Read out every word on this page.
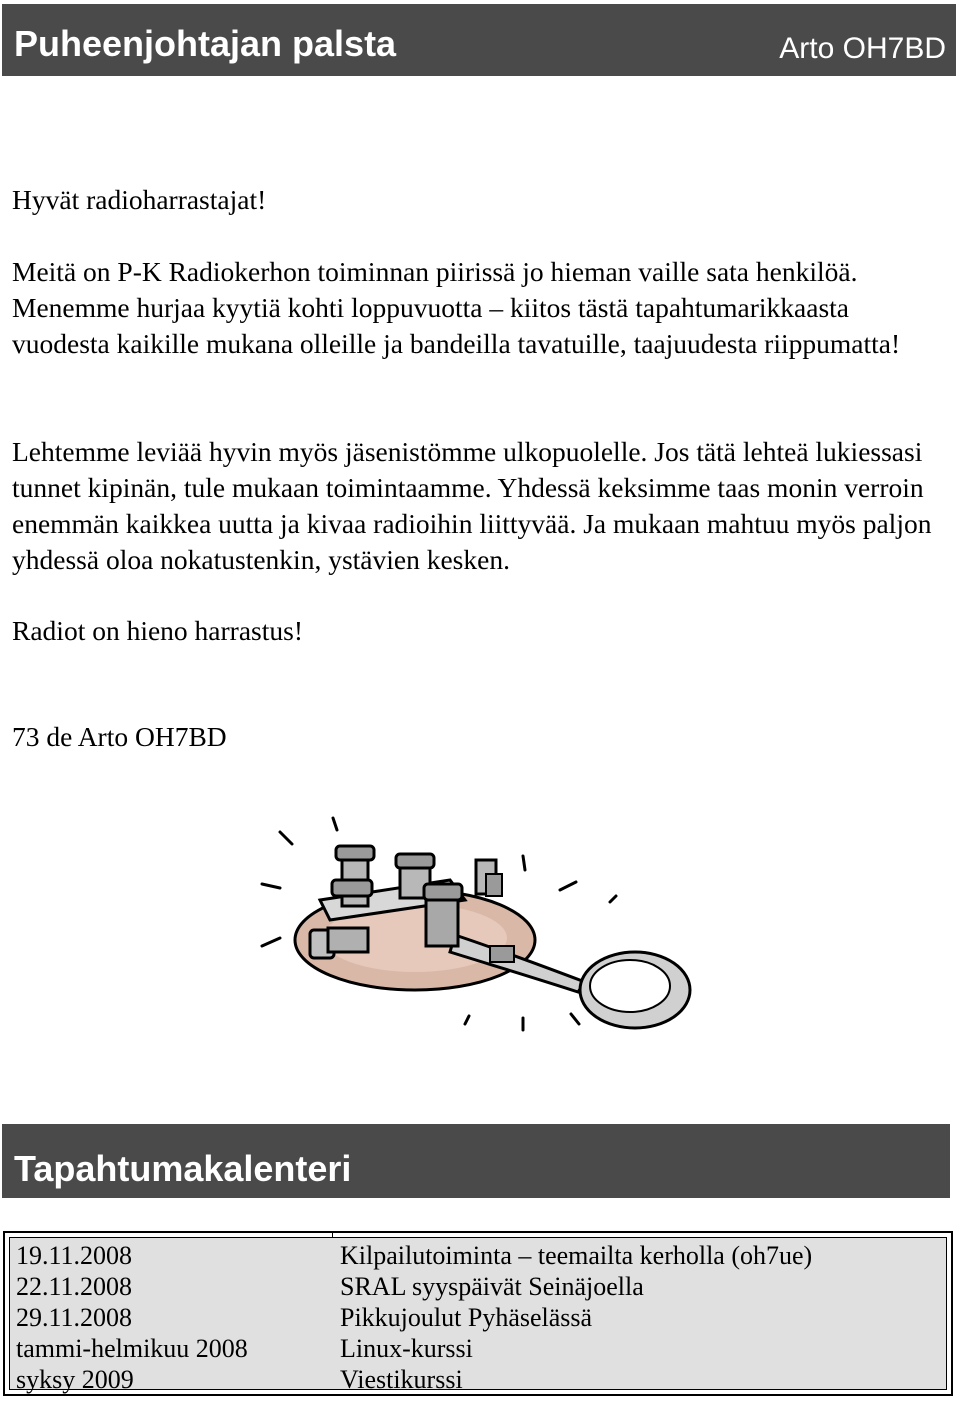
Puheenjohtajan palsta	Arto OH7BD

Hyvät radioharrastajat!

Meitä on P-K Radiokerhon toiminnan piirissä jo hieman vaille sata henkilöä. Menemme hurjaa kyytiä kohti loppuvuotta – kiitos tästä tapahtumarikkaasta vuodesta kaikille mukana olleille ja bandeilla tavatuille, taajuudesta riippumatta!

Lehtemme leviää hyvin myös jäsenistömme ulkopuolelle. Jos tätä lehteä lukiessasi tunnet kipinän, tule mukaan toimintaamme. Yhdessä keksimme taas monin verroin enemmän kaikkea uutta ja kivaa radioihin liittyvää. Ja mukaan mahtuu myös paljon yhdessä oloa nokatustenkin, ystävien kesken.

Radiot on hieno harrastus!

73 de Arto OH7BD

Tapahtumakalenteri
19.11.2008	Kilpailutoiminta – teemailta kerholla (oh7ue)
22.11.2008	SRAL syyspäivät Seinäjoella
29.11.2008	Pikkujoulut Pyhäselässä
tammi-helmikuu 2008	Linux-kurssi
syksy 2009	Viestikurssi
